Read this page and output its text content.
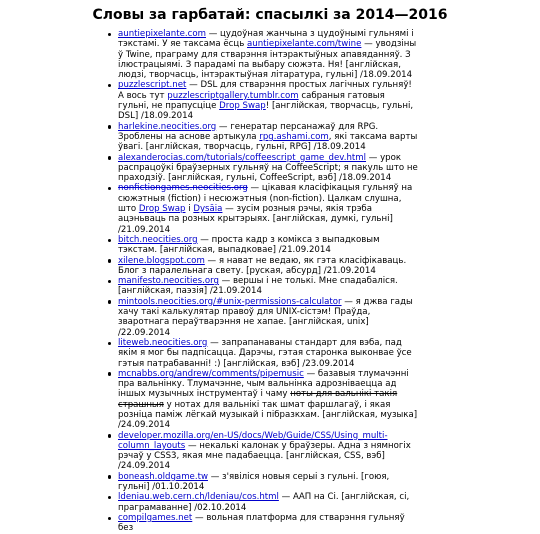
Словы за гарбатай: спасылкі за 2014—2016
auntiepixelante.com — цудоўная жанчына з цудоўнымі гульнямі і тэкстамі. У яе таксама ёсць auntiepixelante.com/twine — уводзіны ў Twine, праграму для стварэння інтэрактыўных апавяданняў. З ілюстрацыямі. З парадамі па выбару сюжэта. Ня! [англійская, людзі, творчасць, інтэрактыўная літаратура, гульні] /18.09.2014
puzzlescript.net — DSL для стварэння простых лагічных гульняў! А вось тут puzzlescriptgallery.tumblr.com сабраныя гатовыя гульні, не прапусціце Drop Swap! [англійская, творчасць, гульні, DSL] /18.09.2014
harlekine.neocities.org — генератар персанажаў для RPG. Зроблены на аснове артыкула rpg.ashami.com, які таксама варты ўвагі. [англійская, творчасць, гульні, RPG] /18.09.2014
alexanderocias.com/tutorials/coffeescript_game_dev.html — урок распрацоўкі браўзерных гульняў на CoffeeScript; я пакуль што не праходзіў. [англійская, гульні, CoffeeScript, вэб] /18.09.2014
nonfictiongames.neocities.org — цікавая класіфікацыя гульняў на сюжэтныя (fiction) і несюжэтныя (non-fiction). Цалкам слушна, што Drop Swap і Dysāia — зусім розныя рэчы, якія трэба ацэньваць па розных крытэрыях. [англійская, думкі, гульні] /21.09.2014
bitch.neocities.org — проста кадр з коміксa з выпадковым тэкстам. [англійская, выпадковае] /21.09.2014
xilene.blogspot.com — я нават не ведаю, як гэта класіфікаваць. Блог з паралельнага свету. [руская, абсурд] /21.09.2014
manifesto.neocities.org — вершы і не толькі. Мне спадабаліся. [англійская, паэзія] /21.09.2014
mintools.neocities.org/#unix-permissions-calculator — я джва гады хачу такі калькулятар правоў для UNIX-сістэм! Праўда, зваротнага пераўтварэння не хапае. [англійская, unix] /22.09.2014
liteweb.neocities.org — запрапанаваны стандарт для вэба, пад якім я мог бы падпісацца. Дарэчы, гэтая старонка выконвае ўсе гэтыя патрабаванні! :) [англійская, вэб] /23.09.2014
mcnabbs.org/andrew/comments/pipemusic — базавыя тлумачэнні пра вальнінку. Тлумачэнне, чым вальнінка адрозніваецца ад іншых музычных інструментаў і чаму ноты для вальнікі такія страшныя у нотах для вальнікі так шмат фаршлагаў, і якая розніца паміж лёгкай музыкай і пібразкхам. [англійская, музыка] /24.09.2014
developer.mozilla.org/en-US/docs/Web/Guide/CSS/Using_multi-column_layouts — некалькі калонак у браўзеры. Адна з нямногіх рэчаў у CSS3, якая мне падабаецца. [англійская, CSS, вэб] /24.09.2014
boneash.oldgame.tw — з'явіліся новыя серыі з гульні. [гоюя, гульні] /01.10.2014
ldeniau.web.cern.ch/ldeniau/cos.html — ААП на Сі. [англійская, сі, праграмаванне] /02.10.2014
compilgames.net — вольная платформа для стварэння гульняў без
